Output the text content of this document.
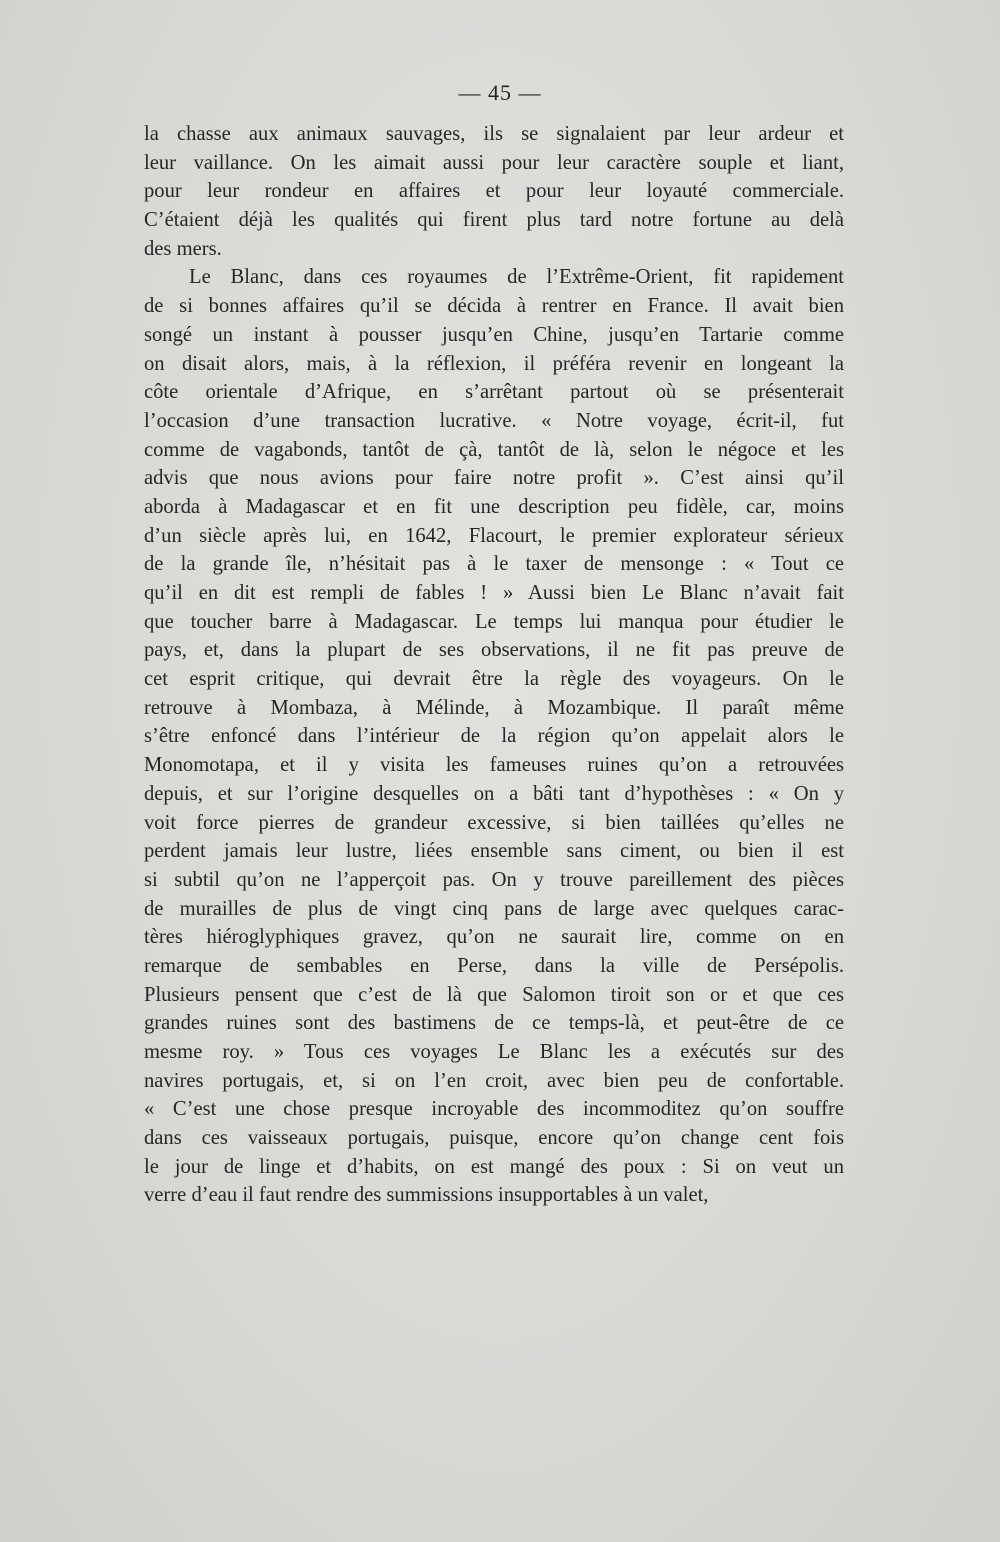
— 45 —
la chasse aux animaux sauvages, ils se signalaient par leur ardeur et
leur vaillance. On les aimait aussi pour leur caractère souple et liant,
pour leur rondeur en affaires et pour leur loyauté commerciale.
C’étaient déjà les qualités qui firent plus tard notre fortune au delà
des mers.
Le Blanc, dans ces royaumes de l’Extrême-Orient, fit rapidement
de si bonnes affaires qu’il se décida à rentrer en France. Il avait bien
songé un instant à pousser jusqu’en Chine, jusqu’en Tartarie comme
on disait alors, mais, à la réflexion, il préféra revenir en longeant la
côte orientale d’Afrique, en s’arrêtant partout où se présenterait
l’occasion d’une transaction lucrative. « Notre voyage, écrit-il, fut
comme de vagabonds, tantôt de çà, tantôt de là, selon le négoce et les
advis que nous avions pour faire notre profit ». C’est ainsi qu’il
aborda à Madagascar et en fit une description peu fidèle, car, moins
d’un siècle après lui, en 1642, Flacourt, le premier explorateur sérieux
de la grande île, n’hésitait pas à le taxer de mensonge : « Tout ce
qu’il en dit est rempli de fables ! » Aussi bien Le Blanc n’avait fait
que toucher barre à Madagascar. Le temps lui manqua pour étudier le
pays, et, dans la plupart de ses observations, il ne fit pas preuve de
cet esprit critique, qui devrait être la règle des voyageurs. On le
retrouve à Mombaza, à Mélinde, à Mozambique. Il paraît même
s’être enfoncé dans l’intérieur de la région qu’on appelait alors le
Monomotapa, et il y visita les fameuses ruines qu’on a retrouvées
depuis, et sur l’origine desquelles on a bâti tant d’hypothèses : « On y
voit force pierres de grandeur excessive, si bien taillées qu’elles ne
perdent jamais leur lustre, liées ensemble sans ciment, ou bien il est
si subtil qu’on ne l’apperçoit pas. On y trouve pareillement des pièces
de murailles de plus de vingt cinq pans de large avec quelques carac-
tères hiéroglyphiques gravez, qu’on ne saurait lire, comme on en
remarque de sembables en Perse, dans la ville de Persépolis.
Plusieurs pensent que c’est de là que Salomon tiroit son or et que ces
grandes ruines sont des bastimens de ce temps-là, et peut-être de ce
mesme roy. » Tous ces voyages Le Blanc les a exécutés sur des
navires portugais, et, si on l’en croit, avec bien peu de confortable.
« C’est une chose presque incroyable des incommoditez qu’on souffre
dans ces vaisseaux portugais, puisque, encore qu’on change cent fois
le jour de linge et d’habits, on est mangé des poux : Si on veut un
verre d’eau il faut rendre des summissions insupportables à un valet,
